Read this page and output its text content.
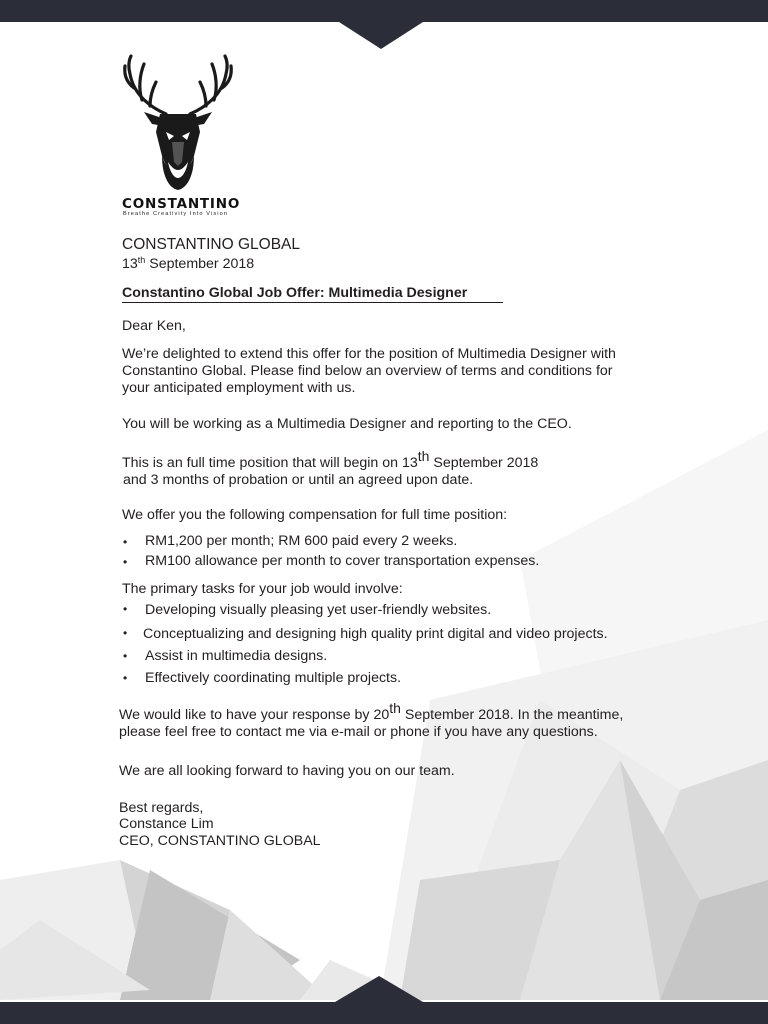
CONSTANTINO
Breathe Creativity Into Vision
CONSTANTINO GLOBAL
13th September 2018
Constantino Global Job Offer: Multimedia Designer
Dear Ken,
We’re delighted to extend this offer for the position of Multimedia Designer with
Constantino Global. Please find below an overview of terms and conditions for
your anticipated employment with us.
You will be working as a Multimedia Designer and reporting to the CEO.
This is an full time position that will begin on 13th September 2018
and 3 months of probation or until an agreed upon date.
We offer you the following compensation for full time position:
• RM1,200 per month; RM 600 paid every 2 weeks.
• RM100 allowance per month to cover transportation expenses.
The primary tasks for your job would involve:
• Developing visually pleasing yet user-friendly websites.
• Conceptualizing and designing high quality print digital and video projects.
• Assist in multimedia designs.
• Effectively coordinating multiple projects.
We would like to have your response by 20th September 2018. In the meantime,
please feel free to contact me via e-mail or phone if you have any questions.
We are all looking forward to having you on our team.
Best regards,
Constance Lim
CEO, CONSTANTINO GLOBAL
